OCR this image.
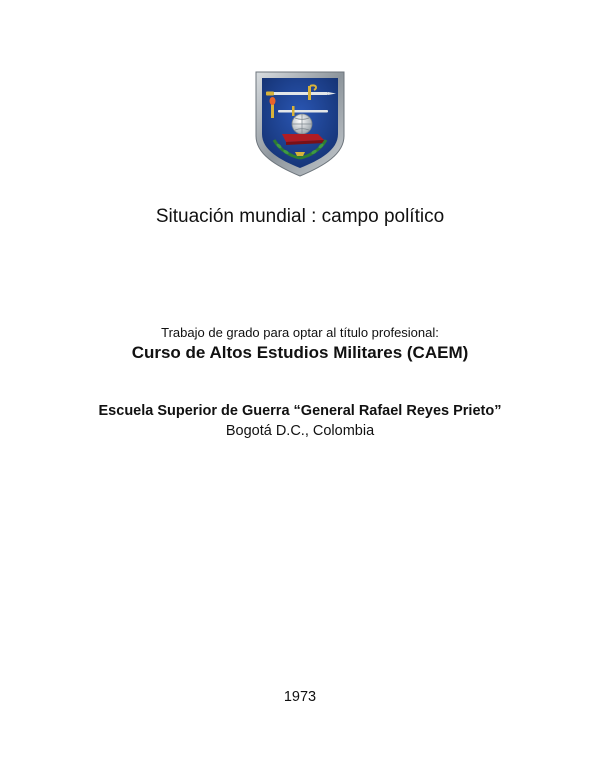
Situación mundial : campo político
Trabajo de grado para optar al título profesional:
Curso de Altos Estudios Militares (CAEM)
Escuela Superior de Guerra “General Rafael Reyes Prieto”
Bogotá D.C., Colombia
1973
